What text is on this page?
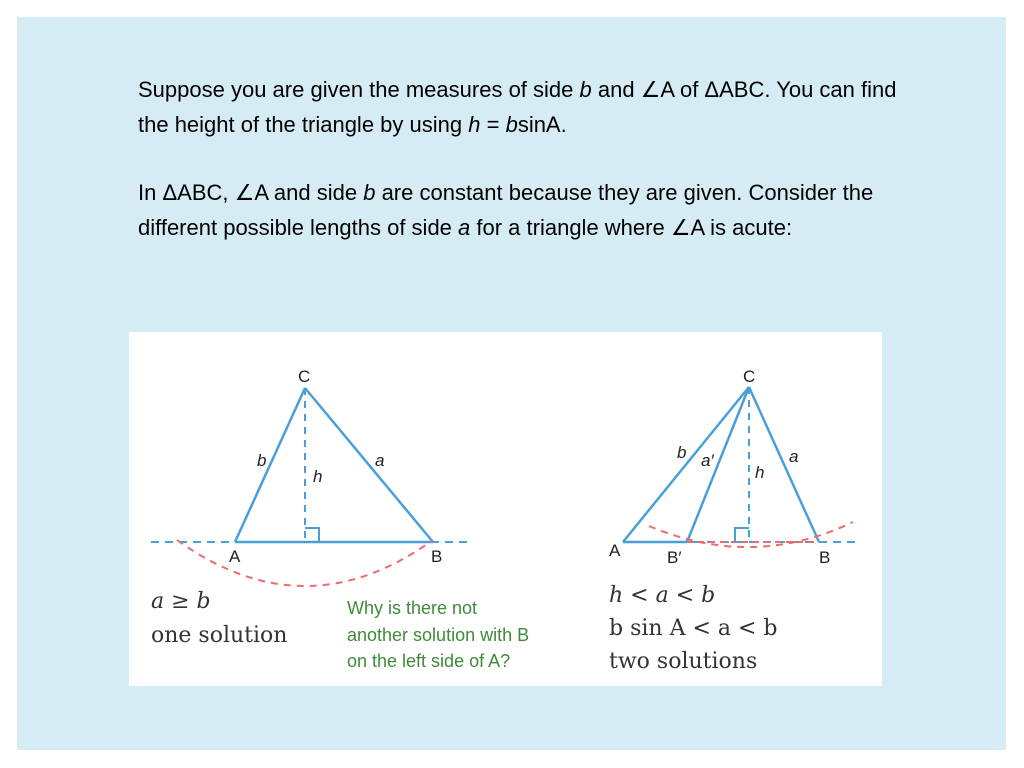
Suppose you are given the measures of side b and ∠A of ΔABC. You can find the height of the triangle by using h = bsinA.

In ΔABC, ∠A and side b are constant because they are given. Consider the different possible lengths of side a for a triangle where ∠A is acute:

C
A	B
b	a
h
a ≥ b
one solution
Why is there not
another solution with B
on the left side of A?
C
A	B′	B
b a′	a
h
h < a < b
b sin A < a < b
two solutions
